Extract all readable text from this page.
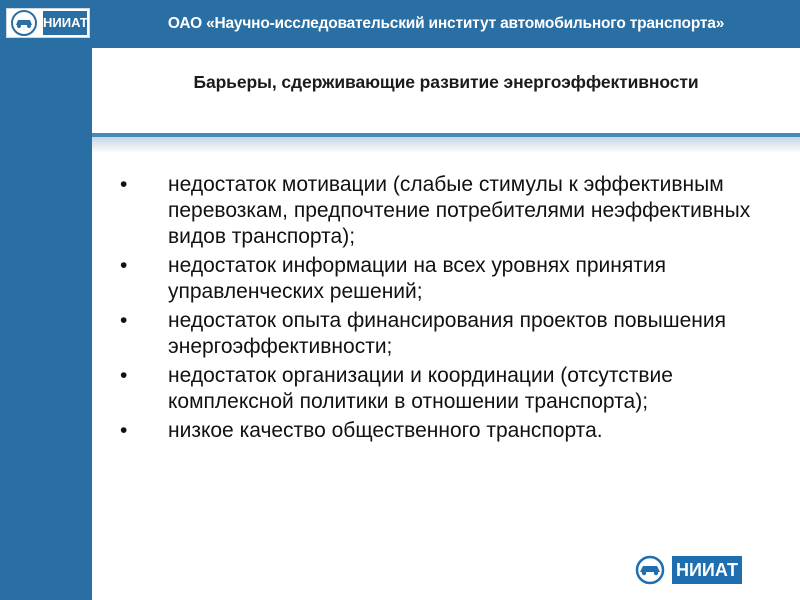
НИИАТ	ОАО «Научно-исследовательский институт автомобильного транспорта»
Барьеры, сдерживающие развитие энергоэффективности
• недостаток мотивации (слабые стимулы к эффективным перевозкам, предпочтение потребителями неэффективных видов транспорта);
• недостаток информации на всех уровнях принятия управленческих решений;
• недостаток опыта финансирования проектов повышения энергоэффективности;
• недостаток организации и координации (отсутствие комплексной политики в отношении транспорта);
• низкое качество общественного транспорта.
НИИАТ
